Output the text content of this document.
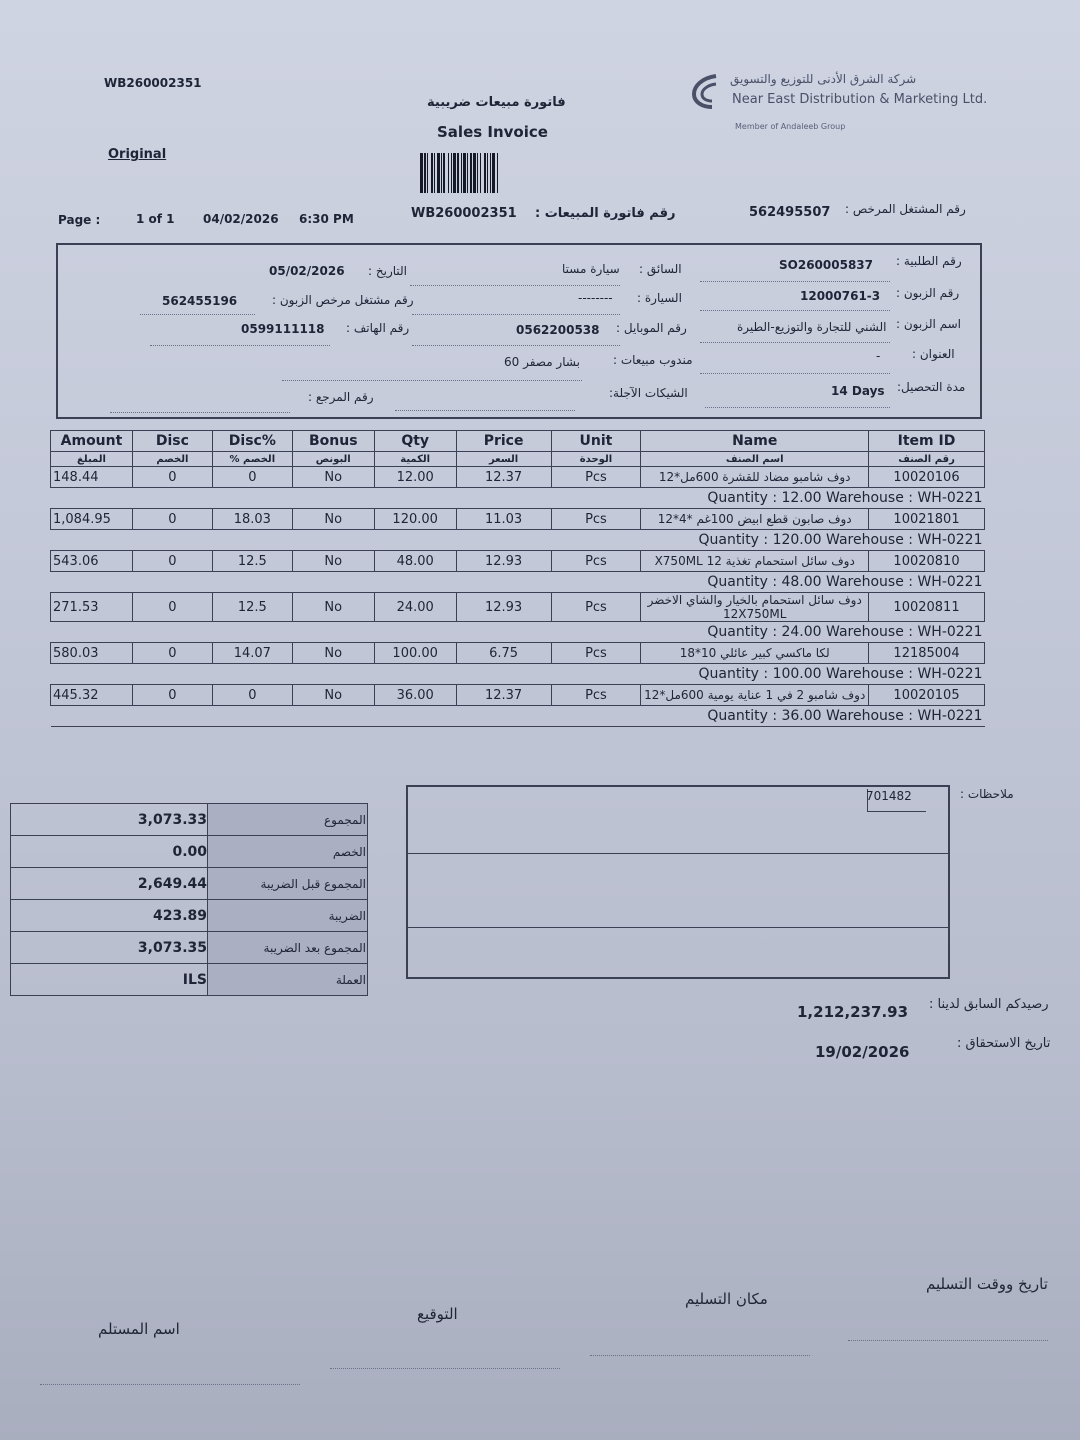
WB260002351
فاتورة مبيعات ضريبية
Sales Invoice
Original
شركة الشرق الأدنى للتوزيع والتسويق
Near East Distribution & Marketing Ltd.
Member of Andaleeb Group
Page :	1 of 1 04/02/2026 6:30 PM	WB260002351 رقم فاتورة المبيعات :	562495507 رقم المشتغل المرخص :
رقم الطلبية :
SO260005837
السائق :
سيارة مستا
التاريخ :
05/02/2026
رقم الزبون :
12000761-3
السيارة :
--------
رقم مشتغل مرخص الزبون :
562455196
اسم الزبون :
الشني للتجارة والتوزيع-الطيرة
رقم الموبايل :
0562200538
رقم الهاتف :
0599111118
العنوان :
-
مندوب مبيعات :
بشار مصفر 60
مدة التحصيل:
14 Days
الشيكات الآجلة:
رقم المرجع :
Amount	Disc	Disc%	Bonus	Qty	Price	Unit	Name	Item ID
المبلغ	الخصم	% الخصم	البونص	الكمية	السعر	الوحدة	اسم الصنف	رقم الصنف
148.44	0	0	No	12.00	12.37	Pcs	دوف شامبو مضاد للقشرة 600مل*12	10020106
Quantity : 12.00 Warehouse : WH-0221								
1,084.95	0	18.03	No	120.00	11.03	Pcs	دوف صابون قطع ابيض 100غم *4*12	10021801
Quantity : 120.00 Warehouse : WH-0221								
543.06	0	12.5	No	48.00	12.93	Pcs	دوف سائل استحمام تغذية 12 X750ML	10020810
Quantity : 48.00 Warehouse : WH-0221								
271.53	0	12.5	No	24.00	12.93	Pcs	دوف سائل استحمام بالخيار والشاي الاخضر 12X750ML	10020811
Quantity : 24.00 Warehouse : WH-0221								
580.03	0	14.07	No	100.00	6.75	Pcs	لكا ماكسي كبير عائلي 10*18	12185004
Quantity : 100.00 Warehouse : WH-0221								
445.32	0	0	No	36.00	12.37	Pcs	دوف شامبو 2 في 1 عناية يومية 600مل*12	10020105
Quantity : 36.00 Warehouse : WH-0221								
3,073.33	المجموع
0.00	الخصم
2,649.44	المجموع قبل الضريبة
423.89	الضريبة
3,073.35	المجموع بعد الضريبة
ILS	العملة
ملاحظات :
701482
رصيدكم السابق لدينا :
1,212,237.93
تاريخ الاستحقاق :
19/02/2026
تاريخ ووقت التسليم
مكان التسليم
التوقيع
اسم المستلم
